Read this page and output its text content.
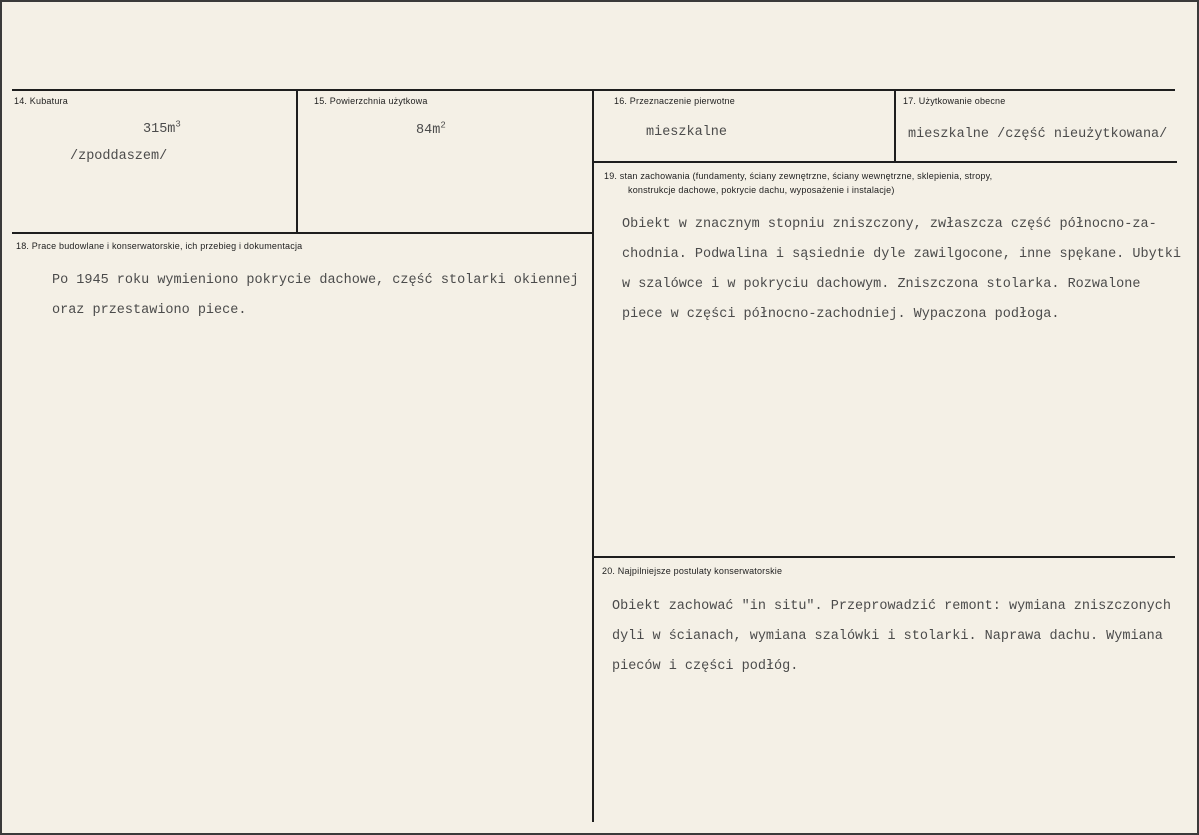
14. Kubatura
$315m^3$
/zpoddaszem/
15. Powierzchnia użytkowa
$84m^2$
16. Przeznaczenie pierwotne
mieszkalne
17. Użytkowanie obecne
mieszkalne /część nieużytkowana/
18. Prace budowlane i konserwatorskie, ich przebieg i dokumentacja
Po 1945 roku wymieniono pokrycie dachowe, część stolarki okiennej
oraz przestawiono piece.
19. stan zachowania (fundamenty, ściany zewnętrzne, ściany wewnętrzne, sklepienia, stropy,
konstrukcje dachowe, pokrycie dachu, wyposażenie i instalacje)
Obiekt w znacznym stopniu zniszczony, zwłaszcza część północno-za-
chodnia. Podwalina i sąsiednie dyle zawilgocone, inne spękane. Ubytki
w szalówce i w pokryciu dachowym. Zniszczona stolarka. Rozwalone
piece w części północno-zachodniej. Wypaczona podłoga.
20. Najpilniejsze postulaty konserwatorskie
Obiekt zachować "in situ". Przeprowadzić remont: wymiana zniszczonych
dyli w ścianach, wymiana szalówki i stolarki. Naprawa dachu. Wymiana
pieców i części podłóg.
